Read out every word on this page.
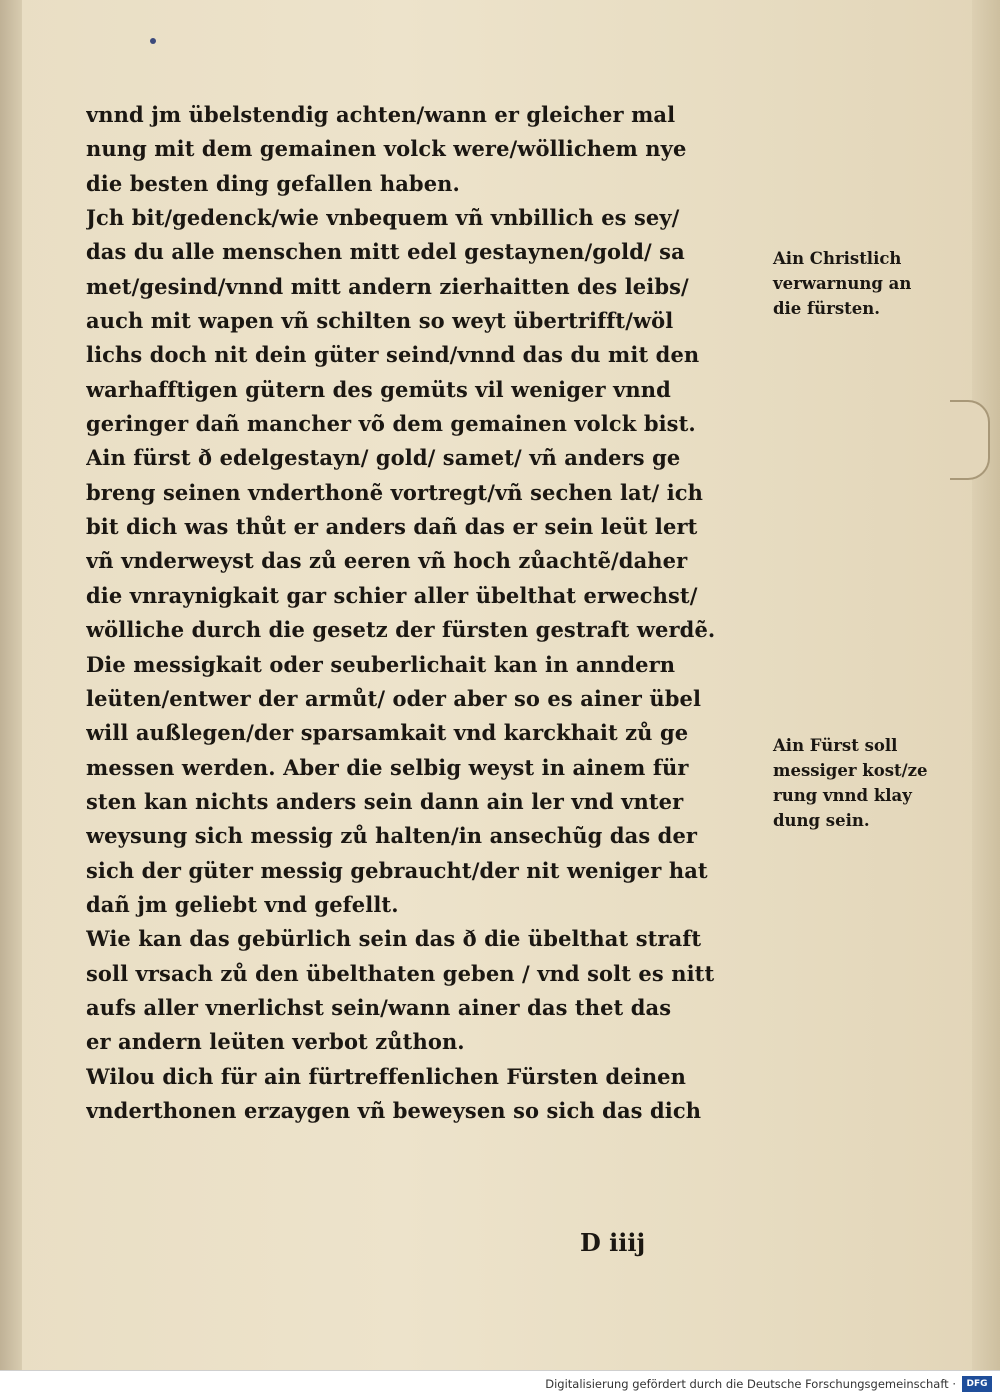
vnnd jm übelstendig achten/wann er gleicher mal
nung mit dem gemainen volck were/wöllichem nye
die besten ding gefallen haben.
Jch bit/gedenck/wie vnbequem vñ vnbillich es sey/
das du alle menschen mitt edel gestaynen/gold/ sa
met/gesind/vnnd mitt andern zierhaitten des leibs/
auch mit wapen vñ schilten so weyt übertrifft/wöl
lichs doch nit dein güter seind/vnnd das du mit den
warhafftigen gütern des gemüts vil weniger vnnd
geringer dañ mancher võ dem gemainen volck bist.
Ain fürst ð edelgestayn/ gold/ samet/ vñ anders ge
breng seinen vnderthonẽ vortregt/vñ sechen lat/ ich
bit dich was thůt er anders dañ das er sein leüt lert
vñ vnderweyst das zů eeren vñ hoch zůachtẽ/daher
die vnraynigkait gar schier aller übelthat erwechst/
wölliche durch die gesetz der fürsten gestraft werdẽ.
Die messigkait oder seuberlichait kan in anndern
leüten/entwer der armůt/ oder aber so es ainer übel
will außlegen/der sparsamkait vnd karckhait zů ge
messen werden. Aber die selbig weyst in ainem für
sten kan nichts anders sein dann ain ler vnd vnter
weysung sich messig zů halten/in ansechũg das der
sich der güter messig gebraucht/der nit weniger hat
dañ jm geliebt vnd gefellt.
Wie kan das gebürlich sein das ð die übelthat straft
soll vrsach zů den übelthaten geben / vnd solt es nitt
aufs aller vnerlichst sein/wann ainer das thet das
er andern leüten verbot zůthon.
Wilou dich für ain fürtreffenlichen Fürsten deinen
vnderthonen erzaygen vñ beweysen so sich das dich
Ain Christlich
verwarnung an
die fürsten.
Ain Fürst soll
messiger kost/ze
rung vnnd klay
dung sein.
D iiij
Digitalisierung gefördert durch die Deutsche Forschungsgemeinschaft ·	DFG
